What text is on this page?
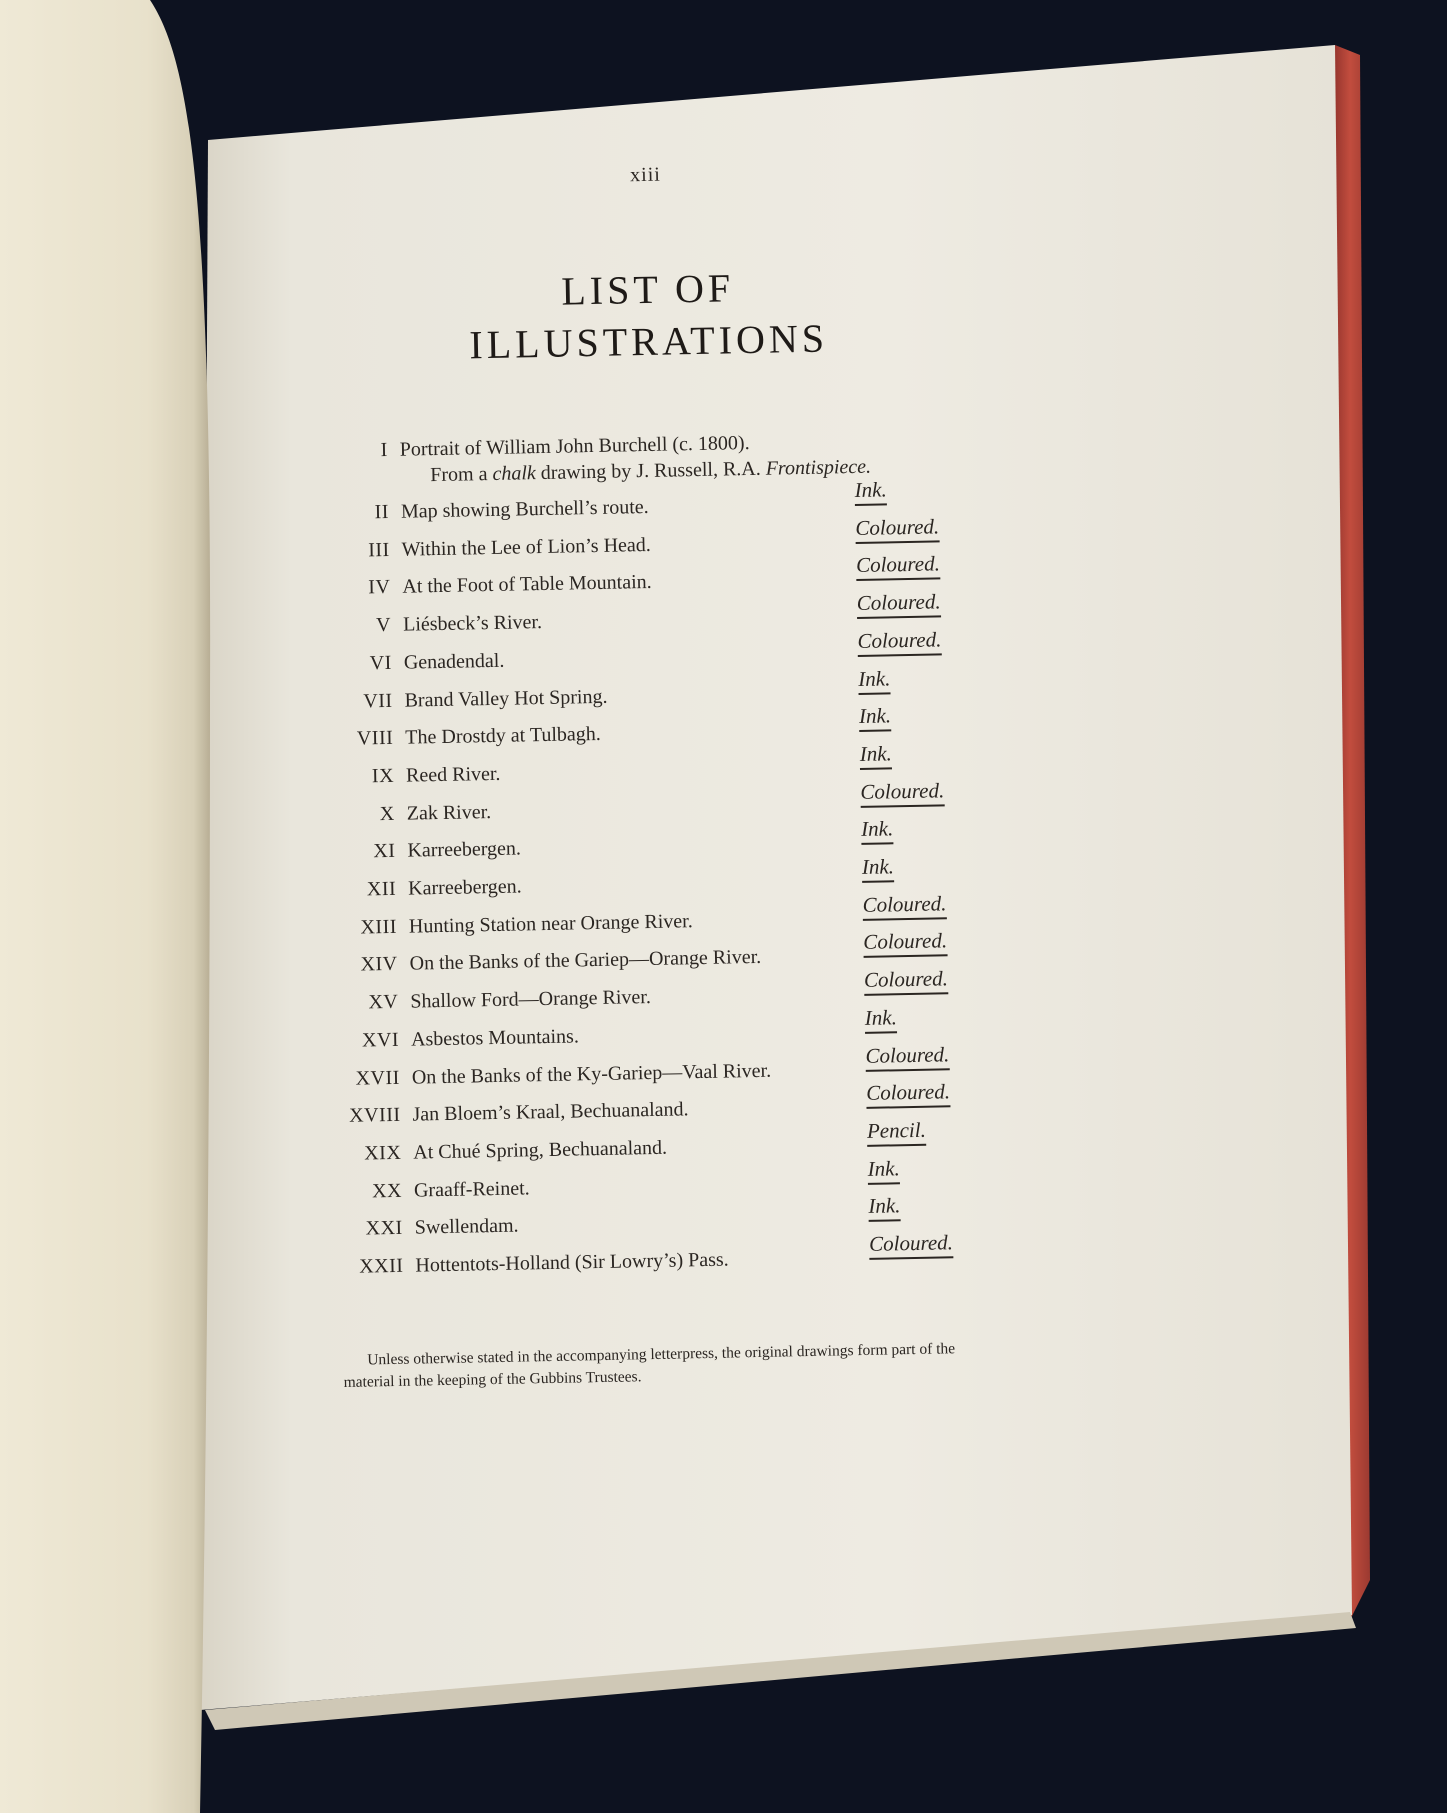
xiii
LIST OF
ILLUSTRATIONS
I Portrait of William John Burchell (c. 1800).
From a chalk drawing by J. Russell, R.A. Frontispiece.
II Map showing Burchell’s route.
Ink.
III Within the Lee of Lion’s Head.
Coloured.
IV At the Foot of Table Mountain.
Coloured.
V Liésbeck’s River.
Coloured.
VI Genadendal.
Coloured.
VII Brand Valley Hot Spring.
Ink.
VIII The Drostdy at Tulbagh.
Ink.
IX Reed River.
Ink.
X Zak River.
Coloured.
XI Karreebergen.
Ink.
XII Karreebergen.
Ink.
XIII Hunting Station near Orange River.
Coloured.
XIV On the Banks of the Gariep—Orange River.
Coloured.
XV Shallow Ford—Orange River.
Coloured.
XVI Asbestos Mountains.
Ink.
XVII On the Banks of the Ky-Gariep—Vaal River.
Coloured.
XVIII Jan Bloem’s Kraal, Bechuanaland.
Coloured.
XIX At Chué Spring, Bechuanaland.
Pencil.
XX Graaff-Reinet.
Ink.
XXI Swellendam.
Ink.
XXII Hottentots-Holland (Sir Lowry’s) Pass.
Coloured.
Unless otherwise stated in the accompanying letterpress, the original drawings form part of the material in the keeping of the Gubbins Trustees.
